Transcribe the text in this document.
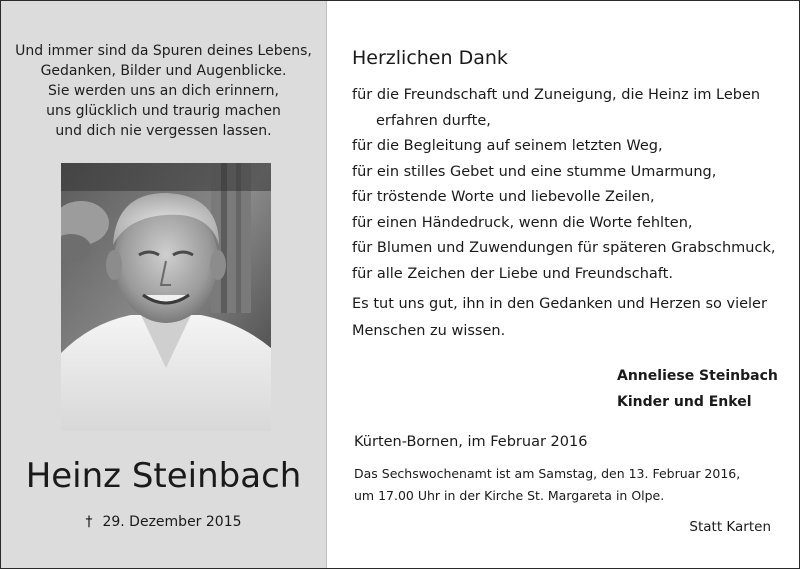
Und immer sind da Spuren deines Lebens,
Gedanken, Bilder und Augenblicke.
Sie werden uns an dich erinnern,
uns glücklich und traurig machen
und dich nie vergessen lassen.
Heinz Steinbach
† 29. Dezember 2015
Herzlichen Dank
für die Freundschaft und Zuneigung, die Heinz im Leben
erfahren durfte,
für die Begleitung auf seinem letzten Weg,
für ein stilles Gebet und eine stumme Umarmung,
für tröstende Worte und liebevolle Zeilen,
für einen Händedruck, wenn die Worte fehlten,
für Blumen und Zuwendungen für späteren Grabschmuck,
für alle Zeichen der Liebe und Freundschaft.
Es tut uns gut, ihn in den Gedanken und Herzen so vieler
Menschen zu wissen.
Anneliese Steinbach
Kinder und Enkel
Kürten-Bornen, im Februar 2016
Das Sechswochenamt ist am Samstag, den 13. Februar 2016,
um 17.00 Uhr in der Kirche St. Margareta in Olpe.
Statt Karten
